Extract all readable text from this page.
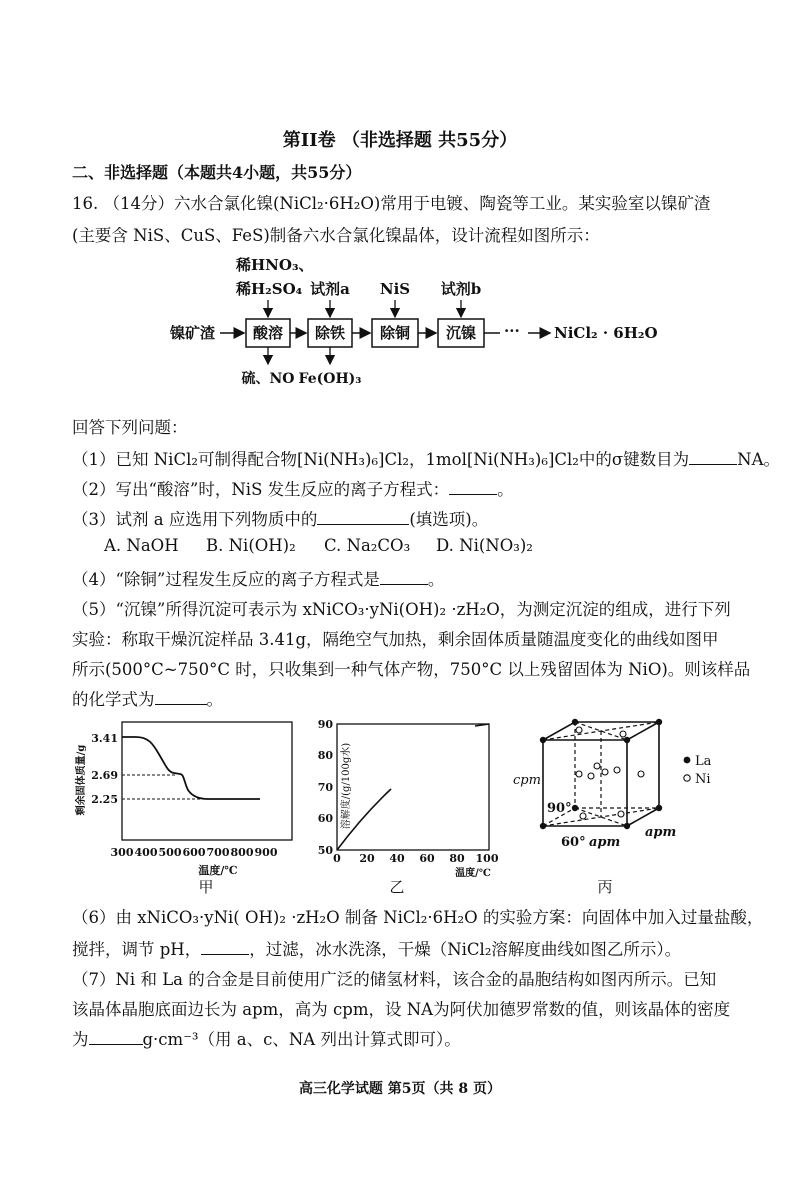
第II卷 （非选择题 共55分）
二、非选择题（本题共4小题，共55分）
16. （14分）六水合氯化镍(NiCl₂·6H₂O)常用于电镀、陶瓷等工业。某实验室以镍矿渣
(主要含 NiS、CuS、FeS)制备六水合氯化镍晶体，设计流程如图所示：
镍矿渣	酸溶 除铁 除铜 沉镍 ··· NiCl₂ · 6H₂O
稀HNO₃、
稀H₂SO₄ 试剂a NiS 试剂b
硫、NO Fe(OH)₃
回答下列问题：
（1）已知 NiCl₂可制得配合物[Ni(NH₃)₆]Cl₂，1mol[Ni(NH₃)₆]Cl₂中的σ键数目为	NA。
（2）写出“酸溶”时，NiS 发生反应的离子方程式：	。
（3）试剂 a 应选用下列物质中的	(填选项)。
A. NaOH B. Ni(OH)₂ C. Na₂CO₃ D. Ni(NO₃)₂
（4）“除铜”过程发生反应的离子方程式是	。
（5）“沉镍”所得沉淀可表示为 xNiCO₃·yNi(OH)₂ ·zH₂O，为测定沉淀的组成，进行下列
实验：称取干燥沉淀样品 3.41g，隔绝空气加热，剩余固体质量随温度变化的曲线如图甲
所示(500°C~750°C 时，只收集到一种气体产物，750°C 以上残留固体为 NiO)。则该样品
的化学式为	。
剩余固体质量/g
3.41
2.69
2.25
300 400 500 600 700 800 900
温度/℃
甲
90
80
70
60
50
溶解度/(g/100g水)
0 20 40 60 80 100
温度/℃
乙
cpm
90°
60° apm
apm
La
Ni
丙
（6）由 xNiCO₃·yNi( OH)₂ ·zH₂O 制备 NiCl₂·6H₂O 的实验方案：向固体中加入过量盐酸，
搅拌，调节 pH，	，过滤，冰水洗涤，干燥（NiCl₂溶解度曲线如图乙所示）。
（7）Ni 和 La 的合金是目前使用广泛的储氢材料，该合金的晶胞结构如图丙所示。已知
该晶体晶胞底面边长为 apm，高为 cpm，设 NA为阿伏加德罗常数的值，则该晶体的密度
为	g·cm⁻³（用 a、c、NA 列出计算式即可）。
高三化学试题 第5页（共 8 页）
